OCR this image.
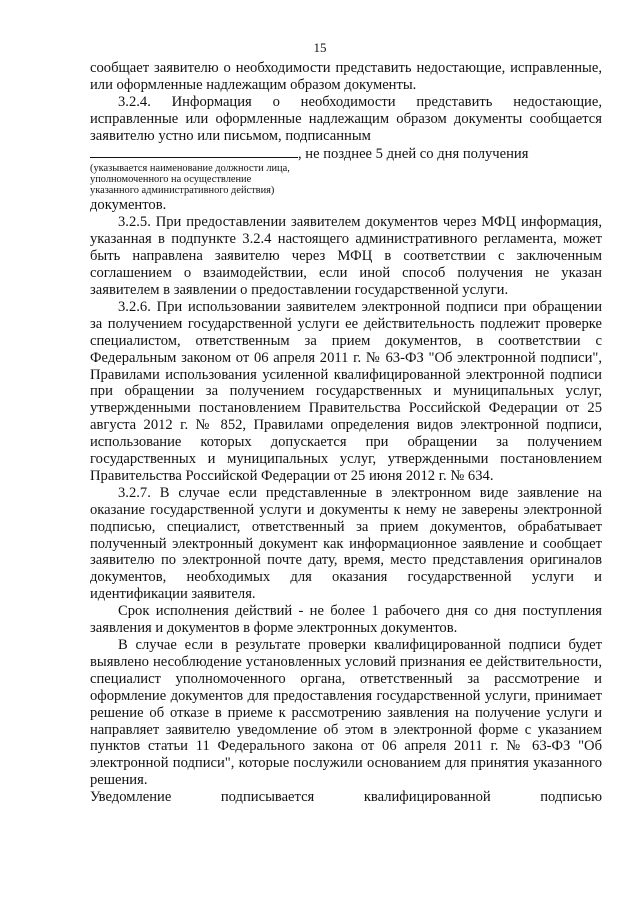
15

сообщает заявителю о необходимости представить недостающие, исправленные, или оформленные надлежащим образом документы.

3.2.4. Информация о необходимости представить недостающие, исправленные или оформленные надлежащим образом документы сообщается заявителю устно или письмом, подписанным

, не позднее 5 дней со дня получения

(указывается наименование должности лица,
уполномоченного на осуществление
указанного административного действия)

документов.

3.2.5. При предоставлении заявителем документов через МФЦ информация, указанная в подпункте 3.2.4 настоящего административного регламента, может быть направлена заявителю через МФЦ в соответствии с заключенным соглашением о взаимодействии, если иной способ получения не указан заявителем в заявлении о предоставлении государственной услуги.

3.2.6. При использовании заявителем электронной подписи при обращении за получением государственной услуги ее действительность подлежит проверке специалистом, ответственным за прием документов, в соответствии с Федеральным законом от 06 апреля 2011 г. № 63-ФЗ "Об электронной подписи", Правилами использования усиленной квалифицированной электронной подписи при обращении за получением государственных и муниципальных услуг, утвержденными постановлением Правительства Российской Федерации от 25 августа 2012 г. № 852, Правилами определения видов электронной подписи, использование которых допускается при обращении за получением государственных и муниципальных услуг, утвержденными постановлением Правительства Российской Федерации от 25 июня 2012 г. № 634.

3.2.7. В случае если представленные в электронном виде заявление на оказание государственной услуги и документы к нему не заверены электронной подписью, специалист, ответственный за прием документов, обрабатывает полученный электронный документ как информационное заявление и сообщает заявителю по электронной почте дату, время, место представления оригиналов документов, необходимых для оказания государственной услуги и идентификации заявителя.

Срок исполнения действий - не более 1 рабочего дня со дня поступления заявления и документов в форме электронных документов.

В случае если в результате проверки квалифицированной подписи будет выявлено несоблюдение установленных условий признания ее действительности, специалист уполномоченного органа, ответственный за рассмотрение и оформление документов для предоставления государственной услуги, принимает решение об отказе в приеме к рассмотрению заявления на получение услуги и направляет заявителю уведомление об этом в электронной форме с указанием пунктов статьи 11 Федерального закона от 06 апреля 2011 г. № 63-ФЗ "Об электронной подписи", которые послужили основанием для принятия указанного решения.

Уведомление подписывается квалифицированной подписью
